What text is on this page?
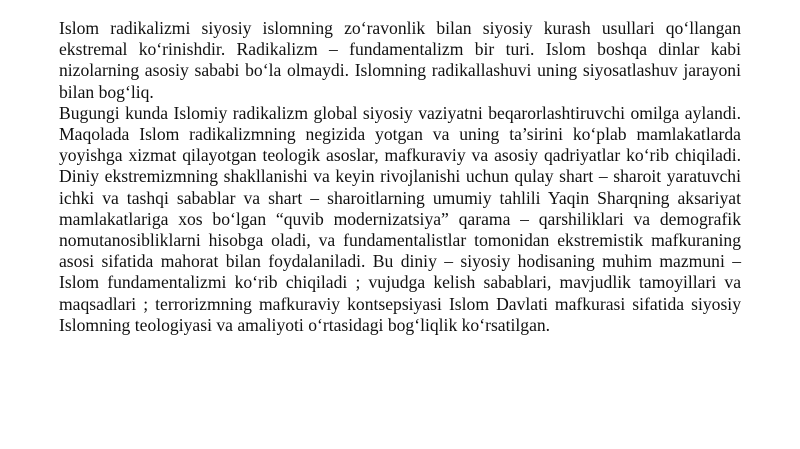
Islom radikalizmi siyosiy islomning zo‘ravonlik bilan siyosiy kurash usullari qo‘llangan ekstremal ko‘rinishdir. Radikalizm – fundamentalizm bir turi. Islom boshqa dinlar kabi nizolarning asosiy sababi bo‘la olmaydi. Islomning radikallashuvi uning siyosatlashuv jarayoni bilan bog‘liq.

Bugungi kunda Islomiy radikalizm global siyosiy vaziyatni beqarorlashtiruvchi omilga aylandi. Maqolada Islom radikalizmning negizida yotgan va uning ta’sirini ko‘plab mamlakatlarda yoyishga xizmat qilayotgan teologik asoslar, mafkuraviy va asosiy qadriyatlar ko‘rib chiqiladi. Diniy ekstremizmning shakllanishi va keyin rivojlanishi uchun qulay shart – sharoit yaratuvchi ichki va tashqi sabablar va shart – sharoitlarning umumiy tahlili Yaqin Sharqning aksariyat mamlakatlariga xos bo‘lgan “quvib modernizatsiya” qarama – qarshiliklari va demografik nomutanosibliklarni hisobga oladi, va fundamentalistlar tomonidan ekstremistik mafkuraning asosi sifatida mahorat bilan foydalaniladi. Bu diniy – siyosiy hodisaning muhim mazmuni – Islom fundamentalizmi ko‘rib chiqiladi ; vujudga kelish sabablari, mavjudlik tamoyillari va maqsadlari ; terrorizmning mafkuraviy kontsepsiyasi Islom Davlati mafkurasi sifatida siyosiy Islomning teologiyasi va amaliyoti o‘rtasidagi bog‘liqlik ko‘rsatilgan.
